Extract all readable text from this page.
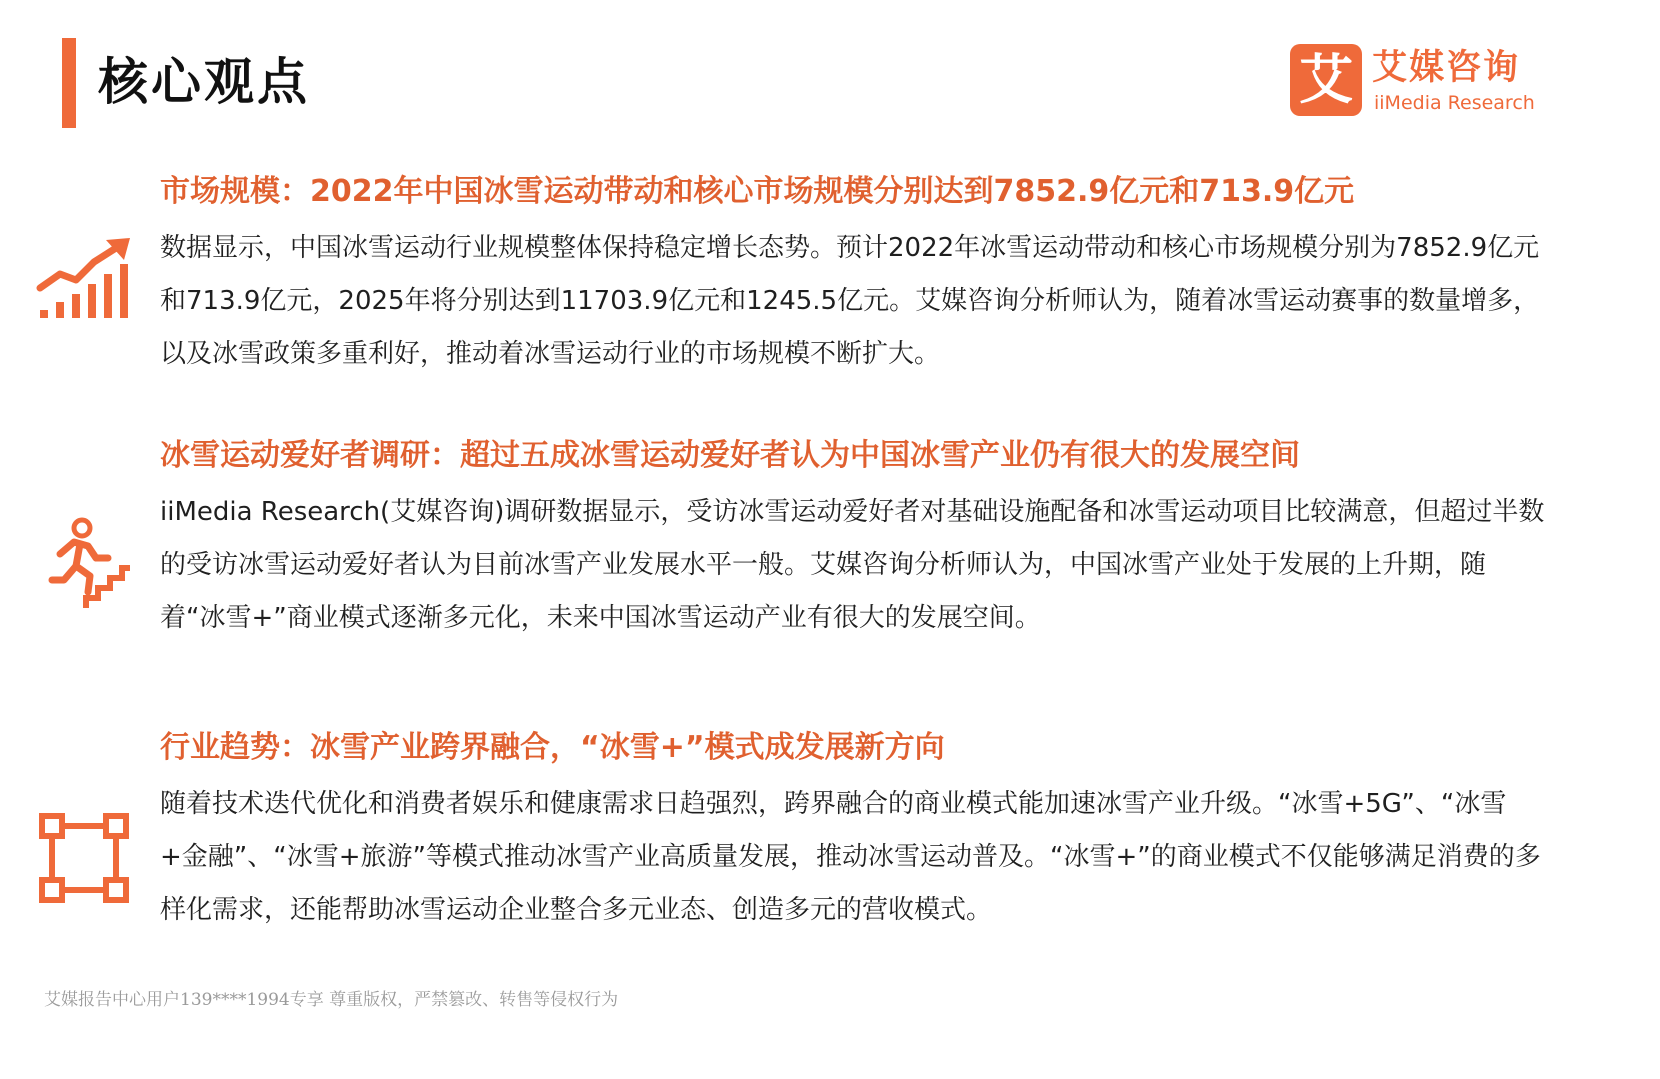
核心观点	艾 艾媒咨询
iiMedia Research
市场规模：2022年中国冰雪运动带动和核心市场规模分别达到7852.9亿元和713.9亿元

数据显示，中国冰雪运动行业规模整体保持稳定增长态势。预计2022年冰雪运动带动和核心市场规模分别为7852.9亿元和713.9亿元，2025年将分别达到11703.9亿元和1245.5亿元。艾媒咨询分析师认为，随着冰雪运动赛事的数量增多，以及冰雪政策多重利好，推动着冰雪运动行业的市场规模不断扩大。

冰雪运动爱好者调研：超过五成冰雪运动爱好者认为中国冰雪产业仍有很大的发展空间

iiMedia Research(艾媒咨询)调研数据显示，受访冰雪运动爱好者对基础设施配备和冰雪运动项目比较满意，但超过半数的受访冰雪运动爱好者认为目前冰雪产业发展水平一般。艾媒咨询分析师认为，中国冰雪产业处于发展的上升期，随着“冰雪+”商业模式逐渐多元化，未来中国冰雪运动产业有很大的发展空间。

行业趋势：冰雪产业跨界融合，“冰雪+”模式成发展新方向

随着技术迭代优化和消费者娱乐和健康需求日趋强烈，跨界融合的商业模式能加速冰雪产业升级。“冰雪+5G”、“冰雪+金融”、“冰雪+旅游”等模式推动冰雪产业高质量发展，推动冰雪运动普及。“冰雪+”的商业模式不仅能够满足消费的多样化需求，还能帮助冰雪运动企业整合多元业态、创造多元的营收模式。

艾媒报告中心用户139****1994专享 尊重版权，严禁篡改、转售等侵权行为
